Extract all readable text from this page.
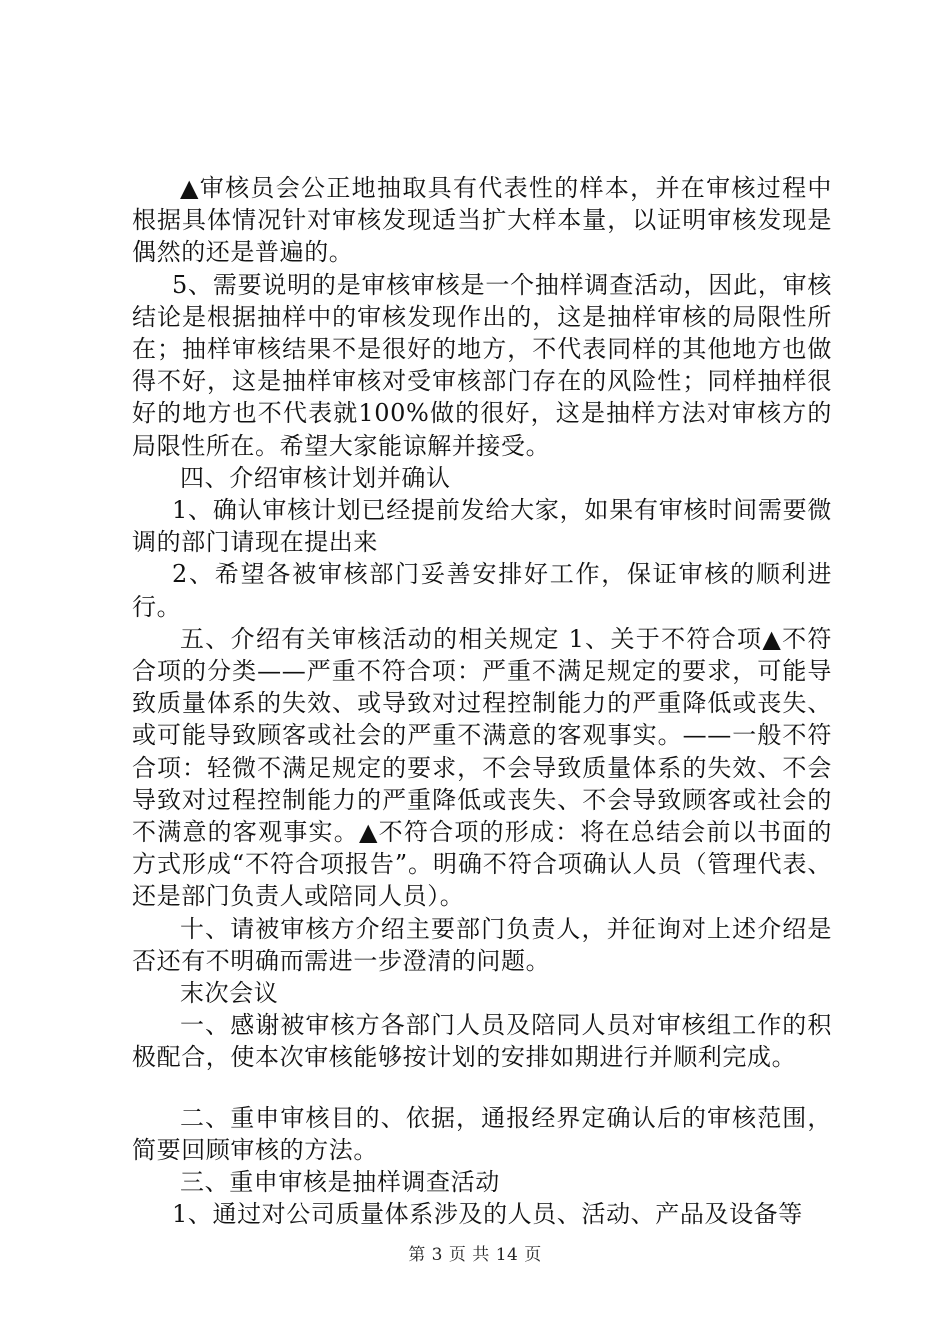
▲审核员会公正地抽取具有代表性的样本，并在审核过程中根据具体情况针对审核发现适当扩大样本量，以证明审核发现是偶然的还是普遍的。

5、需要说明的是审核审核是一个抽样调查活动，因此，审核结论是根据抽样中的审核发现作出的，这是抽样审核的局限性所在；抽样审核结果不是很好的地方，不代表同样的其他地方也做得不好，这是抽样审核对受审核部门存在的风险性；同样抽样很好的地方也不代表就100%做的很好，这是抽样方法对审核方的局限性所在。希望大家能谅解并接受。

四、介绍审核计划并确认

1、确认审核计划已经提前发给大家，如果有审核时间需要微调的部门请现在提出来

2、希望各被审核部门妥善安排好工作，保证审核的顺利进行。

五、介绍有关审核活动的相关规定 1、关于不符合项▲不符合项的分类——严重不符合项：严重不满足规定的要求，可能导致质量体系的失效、或导致对过程控制能力的严重降低或丧失、或可能导致顾客或社会的严重不满意的客观事实。——一般不符合项：轻微不满足规定的要求，不会导致质量体系的失效、不会导致对过程控制能力的严重降低或丧失、不会导致顾客或社会的不满意的客观事实。▲不符合项的形成：将在总结会前以书面的方式形成“不符合项报告”。明确不符合项确认人员（管理代表、还是部门负责人或陪同人员）。

十、请被审核方介绍主要部门负责人，并征询对上述介绍是否还有不明确而需进一步澄清的问题。

末次会议

一、感谢被审核方各部门人员及陪同人员对审核组工作的积极配合，使本次审核能够按计划的安排如期进行并顺利完成。

二、重申审核目的、依据，通报经界定确认后的审核范围，简要回顾审核的方法。

三、重申审核是抽样调查活动

1、通过对公司质量体系涉及的人员、活动、产品及设备等

第 3 页 共 14 页
